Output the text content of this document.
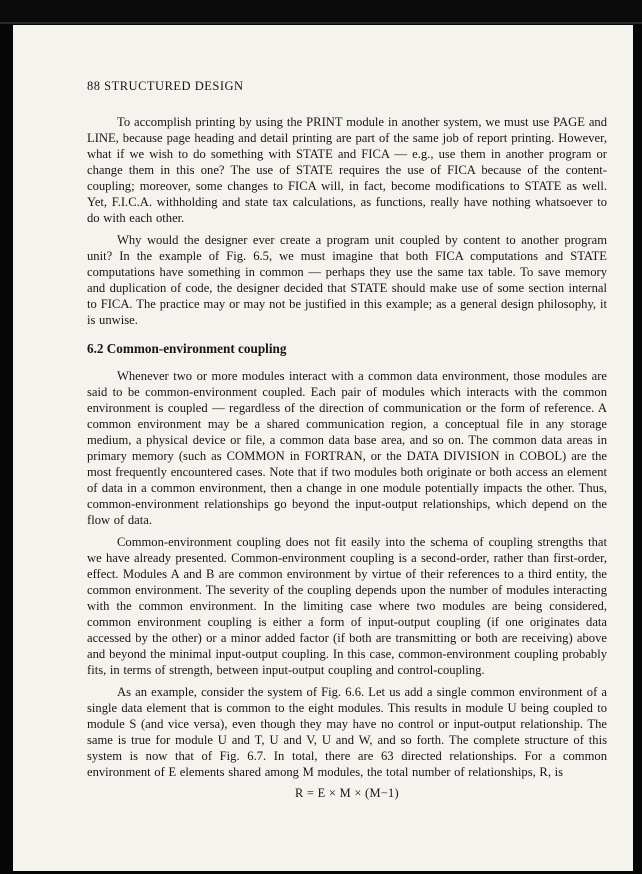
88 STRUCTURED DESIGN

To accomplish printing by using the PRINT module in another system, we must use PAGE and LINE, because page heading and detail printing are part of the same job of report printing. However, what if we wish to do something with STATE and FICA — e.g., use them in another program or change them in this one? The use of STATE requires the use of FICA because of the content-coupling; moreover, some changes to FICA will, in fact, become modifications to STATE as well. Yet, F.I.C.A. withholding and state tax calculations, as functions, really have nothing whatsoever to do with each other.

Why would the designer ever create a program unit coupled by content to another program unit? In the example of Fig. 6.5, we must imagine that both FICA computations and STATE computations have something in common — perhaps they use the same tax table. To save memory and duplication of code, the designer decided that STATE should make use of some section internal to FICA. The practice may or may not be justified in this example; as a general design philosophy, it is unwise.

6.2 Common-environment coupling

Whenever two or more modules interact with a common data environment, those modules are said to be common-environment coupled. Each pair of modules which interacts with the common environment is coupled — regardless of the direction of communication or the form of reference. A common environment may be a shared communication region, a conceptual file in any storage medium, a physical device or file, a common data base area, and so on. The common data areas in primary memory (such as COMMON in FORTRAN, or the DATA DIVISION in COBOL) are the most frequently encountered cases. Note that if two modules both originate or both access an element of data in a common environment, then a change in one module potentially impacts the other. Thus, common-environment relationships go beyond the input-output relationships, which depend on the flow of data.

Common-environment coupling does not fit easily into the schema of coupling strengths that we have already presented. Common-environment coupling is a second-order, rather than first-order, effect. Modules A and B are common environment by virtue of their references to a third entity, the common environment. The severity of the coupling depends upon the number of modules interacting with the common environment. In the limiting case where two modules are being considered, common environment coupling is either a form of input-output coupling (if one originates data accessed by the other) or a minor added factor (if both are transmitting or both are receiving) above and beyond the minimal input-output coupling. In this case, common-environment coupling probably fits, in terms of strength, between input-output coupling and control-coupling.

As an example, consider the system of Fig. 6.6. Let us add a single common environment of a single data element that is common to the eight modules. This results in module U being coupled to module S (and vice versa), even though they may have no control or input-output relationship. The same is true for module U and T, U and V, U and W, and so forth. The complete structure of this system is now that of Fig. 6.7. In total, there are 63 directed relationships. For a common environment of E elements shared among M modules, the total number of relationships, R, is

R = E × M × (M−1)
